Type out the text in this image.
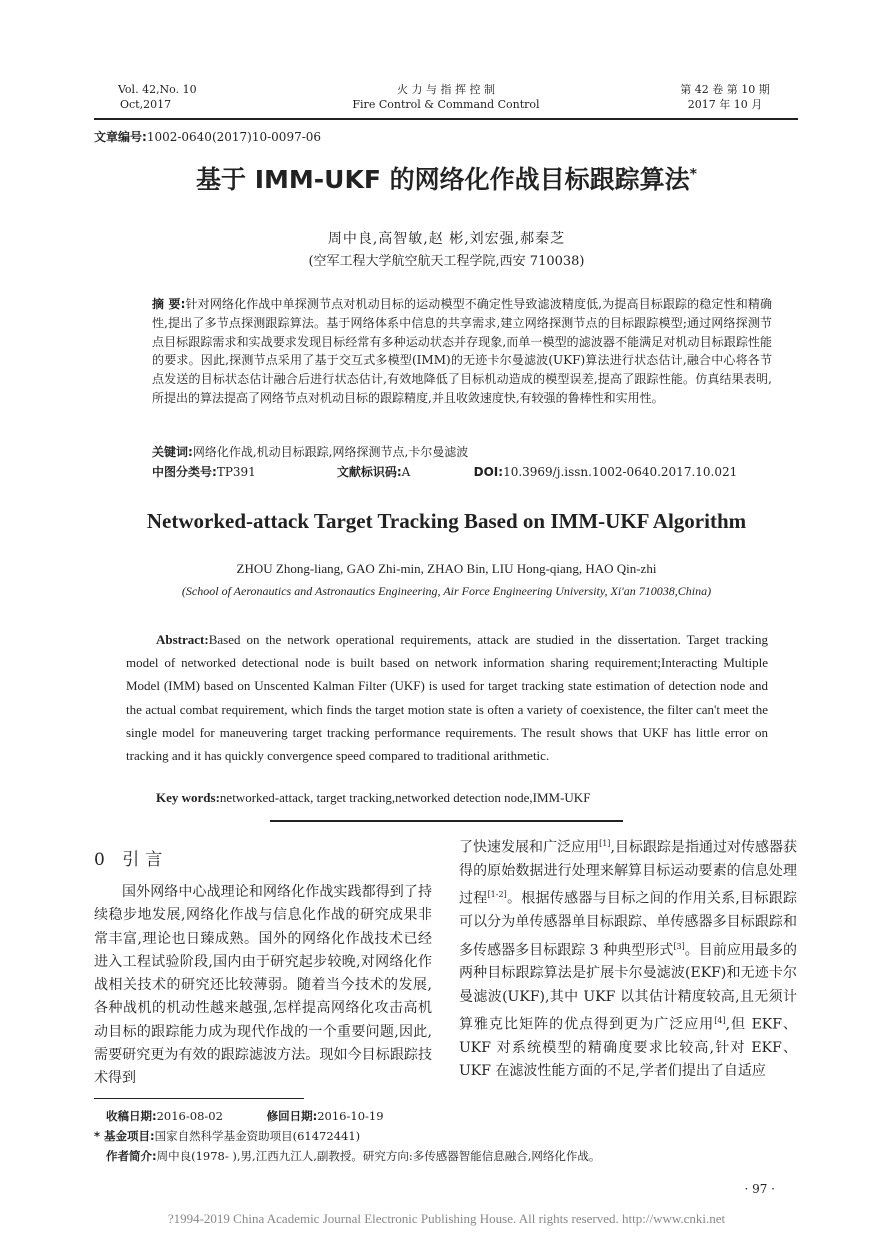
Vol. 42,No. 10
Oct,2017
火 力 与 指 挥 控 制
Fire Control & Command Control
第 42 卷 第 10 期
2017 年 10 月
文章编号:1002-0640(2017)10-0097-06
基于 IMM-UKF 的网络化作战目标跟踪算法*
周中良,高智敏,赵 彬,刘宏强,郝秦芝
(空军工程大学航空航天工程学院,西安 710038)

摘 要:针对网络化作战中单探测节点对机动目标的运动模型不确定性导致滤波精度低,为提高目标跟踪的稳定性和精确性,提出了多节点探测跟踪算法。基于网络体系中信息的共享需求,建立网络探测节点的目标跟踪模型;通过网络探测节点目标跟踪需求和实战要求发现目标经常有多种运动状态并存现象,而单一模型的滤波器不能满足对机动目标跟踪性能的要求。因此,探测节点采用了基于交互式多模型(IMM)的无迹卡尔曼滤波(UKF)算法进行状态估计,融合中心将各节点发送的目标状态估计融合后进行状态估计,有效地降低了目标机动造成的模型误差,提高了跟踪性能。仿真结果表明,所提出的算法提高了网络节点对机动目标的跟踪精度,并且收敛速度快,有较强的鲁棒性和实用性。

关键词:网络化作战,机动目标跟踪,网络探测节点,卡尔曼滤波
中图分类号:TP391	文献标识码:A	DOI:10.3969/j.issn.1002-0640.2017.10.021
Networked-attack Target Tracking Based on IMM-UKF Algorithm
ZHOU Zhong-liang, GAO Zhi-min, ZHAO Bin, LIU Hong-qiang, HAO Qin-zhi
(School of Aeronautics and Astronautics Engineering, Air Force Engineering University, Xi'an 710038,China)

Abstract:Based on the network operational requirements, attack are studied in the dissertation. Target tracking model of networked detectional node is built based on network information sharing requirement;Interacting Multiple Model (IMM) based on Unscented Kalman Filter (UKF) is used for target tracking state estimation of detection node and the actual combat requirement, which finds the target motion state is often a variety of coexistence, the filter can't meet the single model for maneuvering target tracking performance requirements. The result shows that UKF has little error on tracking and it has quickly convergence speed compared to traditional arithmetic.

Key words:networked-attack, target tracking,networked detection node,IMM-UKF
0 引言

国外网络中心战理论和网络化作战实践都得到了持续稳步地发展,网络化作战与信息化作战的研究成果非常丰富,理论也日臻成熟。国外的网络化作战技术已经进入工程试验阶段,国内由于研究起步较晚,对网络化作战相关技术的研究还比较薄弱。随着当今技术的发展,各种战机的机动性越来越强,怎样提高网络化攻击高机动目标的跟踪能力成为现代作战的一个重要问题,因此,需要研究更为有效的跟踪滤波方法。现如今目标跟踪技术得到

了快速发展和广泛应用[1],目标跟踪是指通过对传感器获得的原始数据进行处理来解算目标运动要素的信息处理过程[1-2]。根据传感器与目标之间的作用关系,目标跟踪可以分为单传感器单目标跟踪、单传感器多目标跟踪和多传感器多目标跟踪 3 种典型形式[3]。目前应用最多的两种目标跟踪算法是扩展卡尔曼滤波(EKF)和无迹卡尔曼滤波(UKF),其中 UKF 以其估计精度较高,且无须计算雅克比矩阵的优点得到更为广泛应用[4],但 EKF、UKF 对系统模型的精确度要求比较高,针对 EKF、UKF 在滤波性能方面的不足,学者们提出了自适应

收稿日期:2016-08-02	修回日期:2016-10-19
* 基金项目:国家自然科学基金资助项目(61472441)
作者简介:周中良(1978- ),男,江西九江人,副教授。研究方向:多传感器智能信息融合,网络化作战。
· 97 ·
?1994-2019 China Academic Journal Electronic Publishing House. All rights reserved. http://www.cnki.net
